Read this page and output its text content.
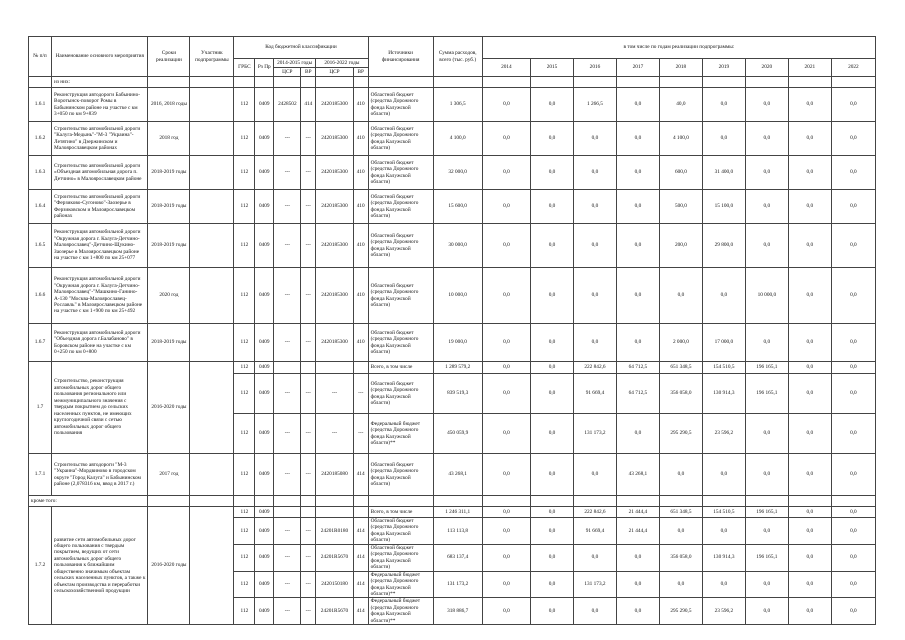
№ п/п	Наименование основного мероприятия	Сроки реализации	Участник подпрограммы	Код бюджетной классификации						Источники финансирования	Сумма расходов, всего (тыс. руб.)	в том числе по годам реализации подпрограммы:								
				ГРБС	Рз Пр	2014-2015 годы		2016-2022 годы				2014	2015	2016	2017	2018	2019	2020	2021	2022
						ЦСР	ВР	ЦСР	ВР											
	из них:																			
1.6.1	Реконструкция автодороги Бабынино-Воротынск-поворот Ромы в Бабынинском районе на участке с км 3+050 по км 9+839	2016, 2018 годы		112	0409	2428502	414	2420185300	410	Областной бюджет (средства Дорожного фонда Калужской области)	1 306,5	0,0	0,0	1 266,5	0,0	40,0	0,0	0,0	0,0	0,0
1.6.2	Строительство автомобильной дороги "Калуга-Медынь"-"М-3 "Украина"-Летятино" в Дзержинском и Малоярославецком районах	2018 год		112	0409	---	---	2420185300	410	Областной бюджет (средства Дорожного фонда Калужской области)	4 100,0	0,0	0,0	0,0	0,0	4 100,0	0,0	0,0	0,0	0,0
1.6.3	Строительство автомобильной дороги «Объездная автомобильная дорога п. Детчино» в Малоярославецком районе	2018-2019 годы		112	0409	---	---	2420185300	410	Областной бюджет (средства Дорожного фонда Калужской области)	32 000,0	0,0	0,0	0,0	0,0	600,0	31 400,0	0,0	0,0	0,0
1.6.4	Строительство автомобильной дороги "Ферзиково-Сугоново"-Заозерье в Ферзиковском и Малоярославецком районах	2018-2019 годы		112	0409	---	---	2420185300	410	Областной бюджет (средства Дорожного фонда Калужской области)	15 600,0	0,0	0,0	0,0	0,0	500,0	15 100,0	0,0	0,0	0,0
1.6.5	Реконструкция автомобильной дороги "Окружная дорога г. Калуга-Детчино-Малоярославец"-Детчино-Щукино-Заозерье в Малоярославецком районе на участке с км 1+800 по км 25+077	2018-2019 годы		112	0409	---	---	2420185300	410	Областной бюджет (средства Дорожного фонда Калужской области)	30 000,0	0,0	0,0	0,0	0,0	200,0	29 800,0	0,0	0,0	0,0
1.6.6	Реконструкция автомобильной дороги "Окружная дорога г. Калуга-Детчино-Малоярославец"-"Машкино-Ганино-А-130 "Москва-Малоярославец-Рославль" в Малоярославецком районе на участке с км 1+900 по км 25+492	2020 год		112	0409	---	---	2420185300	410	Областной бюджет (средства Дорожного фонда Калужской области)	10 000,0	0,0	0,0	0,0	0,0	0,0	0,0	10 000,0	0,0	0,0
1.6.7	Реконструкция автомобильной дороги "Объездная дорога г.Балабаново" в Боровском районе на участке с км 0+250 по км 0+800	2018-2019 годы		112	0409	---	---	2420185300	410	Областной бюджет (средства Дорожного фонда Калужской области)	19 000,0	0,0	0,0	0,0	0,0	2 000,0	17 000,0	0,0	0,0	0,0
1.7	Строительство, реконструкция автомобильных дорог общего пользования регионального или межмуниципального значения с твердым покрытием до сельских населенных пунктов, не имеющих круглогодичной связи с сетью автомобильных дорог общего пользования	2016-2020 годы		112	0409					Всего, в том числе	1 289 579,2	0,0	0,0	222 842,6	64 712,5	651 348,5	154 510,5	196 165,1	0,0	0,0
				112	0409	---	---	---	---	Областной бюджет (средства Дорожного фонда Калужской области)	839 519,3	0,0	0,0	91 669,4	64 712,5	356 058,0	130 914,3	196 165,1	0,0	0,0
				112	0409	---	---	---	---	Федеральный бюджет (средства Дорожного фонда Калужской области)**	450 059,9	0,0	0,0	131 173,2	0,0	295 290,5	23 596,2	0,0	0,0	0,0
1.7.1	Строительство автодороги "М-3 "Украина"-Мордвиново в городском округе "Город Калуга" и Бабынинском районе (2,078316 км, ввод в 2017 г.)	2017 год		112	0409	---	---	2420185080	414	Областной бюджет (средства Дорожного фонда Калужской области)	43 268,1	0,0	0,0	0,0	43 268,1	0,0	0,0	0,0	0,0	0,0
кроме того:																				
1.7.2	развитие сети автомобильных дорог общего пользования с твердым покрытием, ведущих от сети автомобильных дорог общего пользования к ближайшим общественно значимым объектам сельских населенных пунктов, а также к объектам производства и переработки сельскохозяйственной продукции	2016-2020 годы		112	0409					Всего, в том числе	1 246 311,1	0,0	0,0	222 842,6	21 444,4	651 348,5	154 510,5	196 165,1	0,0	0,0
				112	0409	---	---	24201R0180	414	Областной бюджет (средства Дорожного фонда Калужской области)	113 113,8	0,0	0,0	91 669,4	21 444,4	0,0	0,0	0,0	0,0	0,0
				112	0409	---	---	24201R5670	414	Областной бюджет (средства Дорожного фонда Калужской области)	683 137,4	0,0	0,0	0,0	0,0	356 058,0	130 914,3	196 165,1	0,0	0,0
				112	0409	---	---	2420150180	414	Федеральный бюджет (средства Дорожного фонда Калужской области)**	131 173,2	0,0	0,0	131 173,2	0,0	0,0	0,0	0,0	0,0	0,0
				112	0409	---	---	24201R5670	414	Федеральный бюджет (средства Дорожного фонда Калужской области)**	318 886,7	0,0	0,0	0,0	0,0	295 290,5	23 596,2	0,0	0,0	0,0
